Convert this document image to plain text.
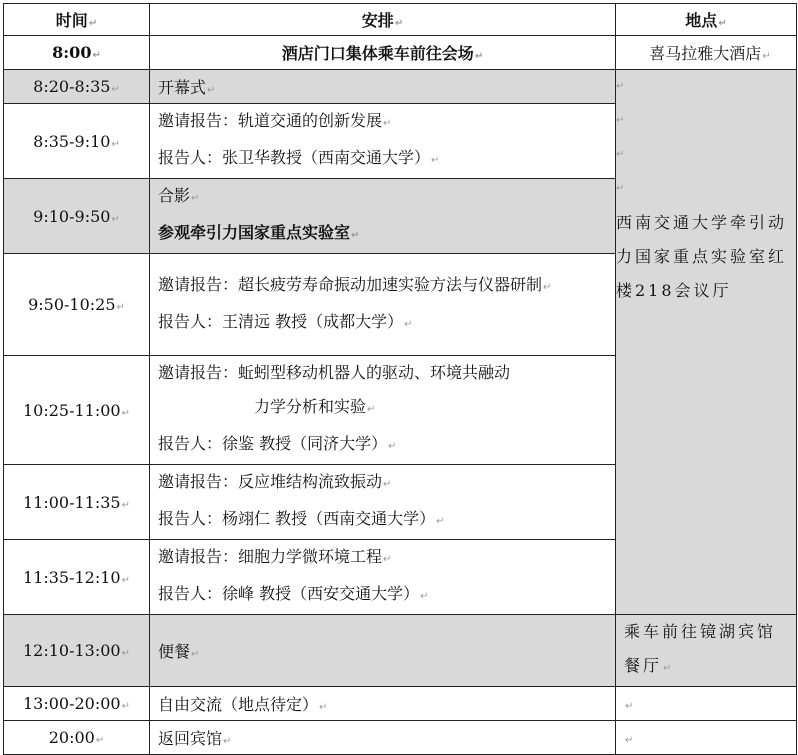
时间↵	安排↵	地点↵
8:00↵	酒店门口集体乘车前往会场↵	喜马拉雅大酒店↵
8:20-8:35↵	开幕式↵	↵
↵
↵
↵
西南交通大学牵引动力国家重点实验室红楼218会议厅

8:35-9:10↵	邀请报告：轨道交通的创新发展↵
报告人：张卫华教授（西南交通大学）↵	

9:10-9:50↵	合影↵
参观牵引力国家重点实验室↵	

9:50-10:25↵	邀请报告：超长疲劳寿命振动加速实验方法与仪器研制↵
报告人：王清远 教授（成都大学）↵	

10:25-11:00↵	邀请报告：蚯蚓型移动机器人的驱动、环境共融动
力学分析和实验↵
报告人：徐鉴 教授（同济大学）↵	

11:00-11:35↵	邀请报告：反应堆结构流致振动↵
报告人：杨翊仁 教授（西南交通大学）↵	

11:35-12:10↵	邀请报告：细胞力学微环境工程↵
报告人：徐峰 教授（西安交通大学）↵	

12:10-13:00↵	便餐↵	乘车前往镜湖宾馆餐厅↵

13:00-20:00↵	自由交流（地点待定）↵	↵
20:00↵	返回宾馆↵	↵
